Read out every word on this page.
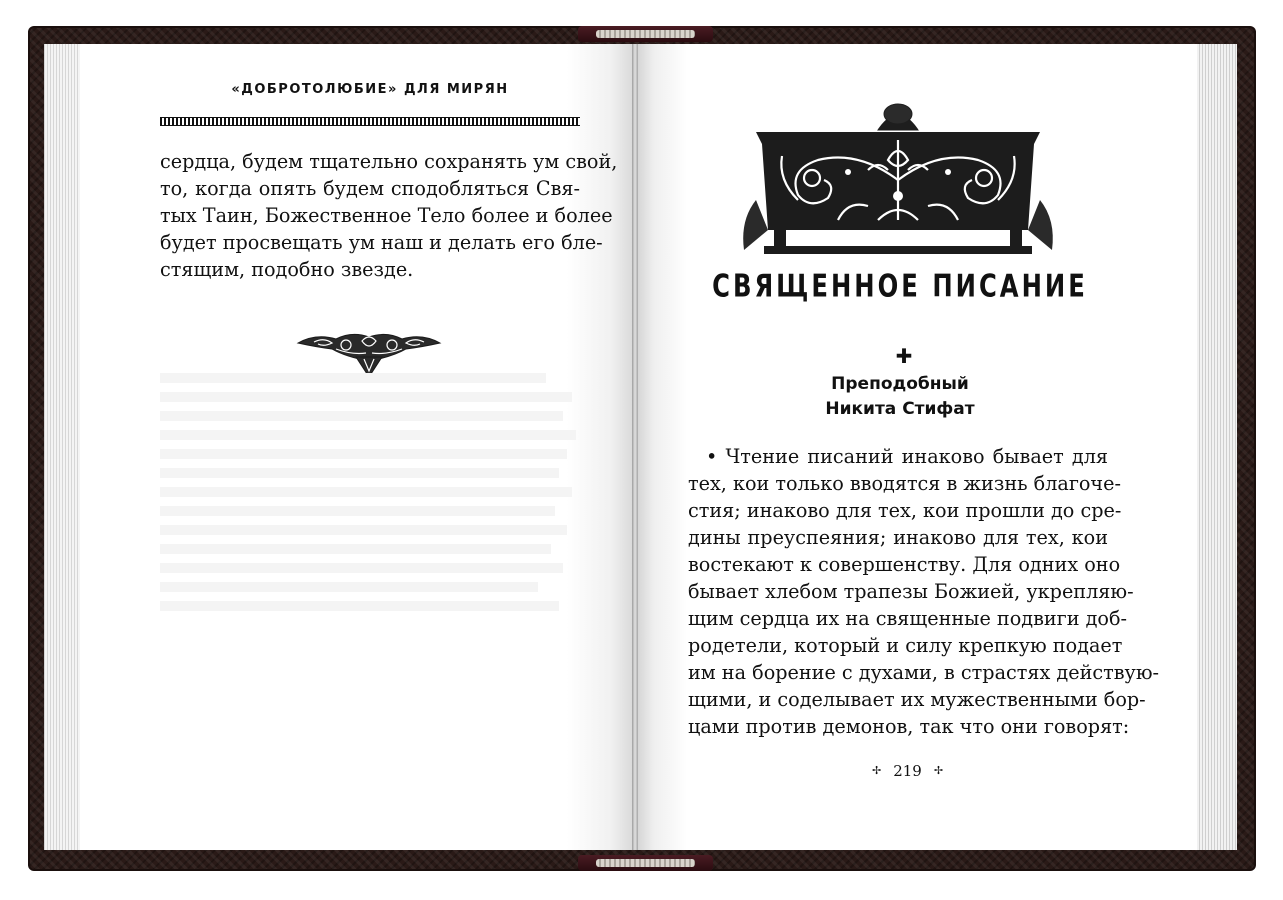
«ДОБРОТОЛЮБИЕ» ДЛЯ МИРЯН
сердца, будем тщательно сохранять ум свой,
то, когда опять будем сподобляться Свя-
тых Таин, Божественное Тело более и более
будет просвещать ум наш и делать его бле-
стящим, подобно звезде.	СВЯЩЕННОЕ ПИСАНИЕ
✚
Преподобный
Никита Стифат
• Чтение писаний инаково бывает для
тех, кои только вводятся в жизнь благоче-
стия; инаково для тех, кои прошли до сре-
дины преуспеяния; инаково для тех, кои
востекают к совершенству. Для одних оно
бывает хлебом трапезы Божией, укрепляю-
щим сердца их на священные подвиги доб-
родетели, который и силу крепкую подает
им на борение с духами, в страстях действую-
щими, и соделывает их мужественными бор-
цами против демонов, так что они говорят:
✢ 219 ✢
